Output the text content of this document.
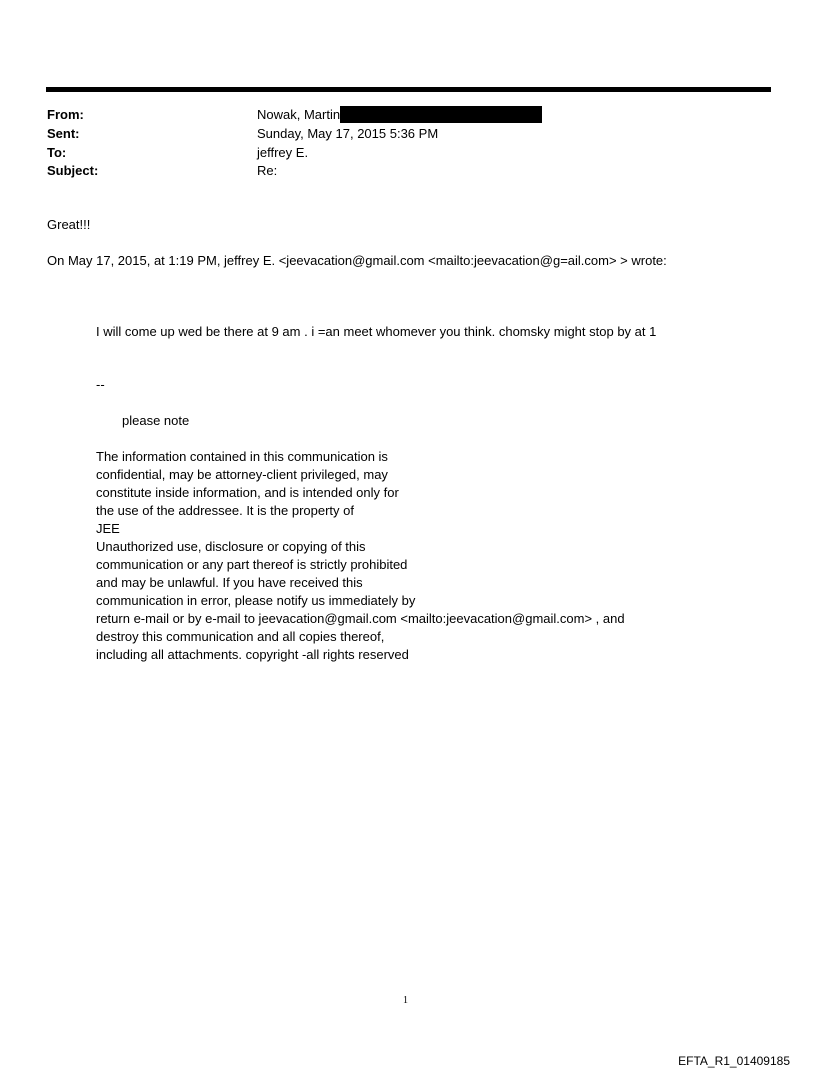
From:	Nowak, Martin
Sent:	Sunday, May 17, 2015 5:36 PM
To:	jeffrey E.
Subject:	Re:
Great!!!
On May 17, 2015, at 1:19 PM, jeffrey E. <jeevacation@gmail.com <mailto:jeevacation@g=ail.com> > wrote:
I will come up wed be there at 9 am . i =an meet whomever you think. chomsky might stop by at 1
--
please note
The information contained in this communication is
confidential, may be attorney-client privileged, may
constitute inside information, and is intended only for
the use of the addressee. It is the property of
JEE
Unauthorized use, disclosure or copying of this
communication or any part thereof is strictly prohibited
and may be unlawful. If you have received this
communication in error, please notify us immediately by
return e-mail or by e-mail to jeevacation@gmail.com <mailto:jeevacation@gmail.com> , and
destroy this communication and all copies thereof,
including all attachments. copyright -all rights reserved
1
EFTA_R1_01409185
